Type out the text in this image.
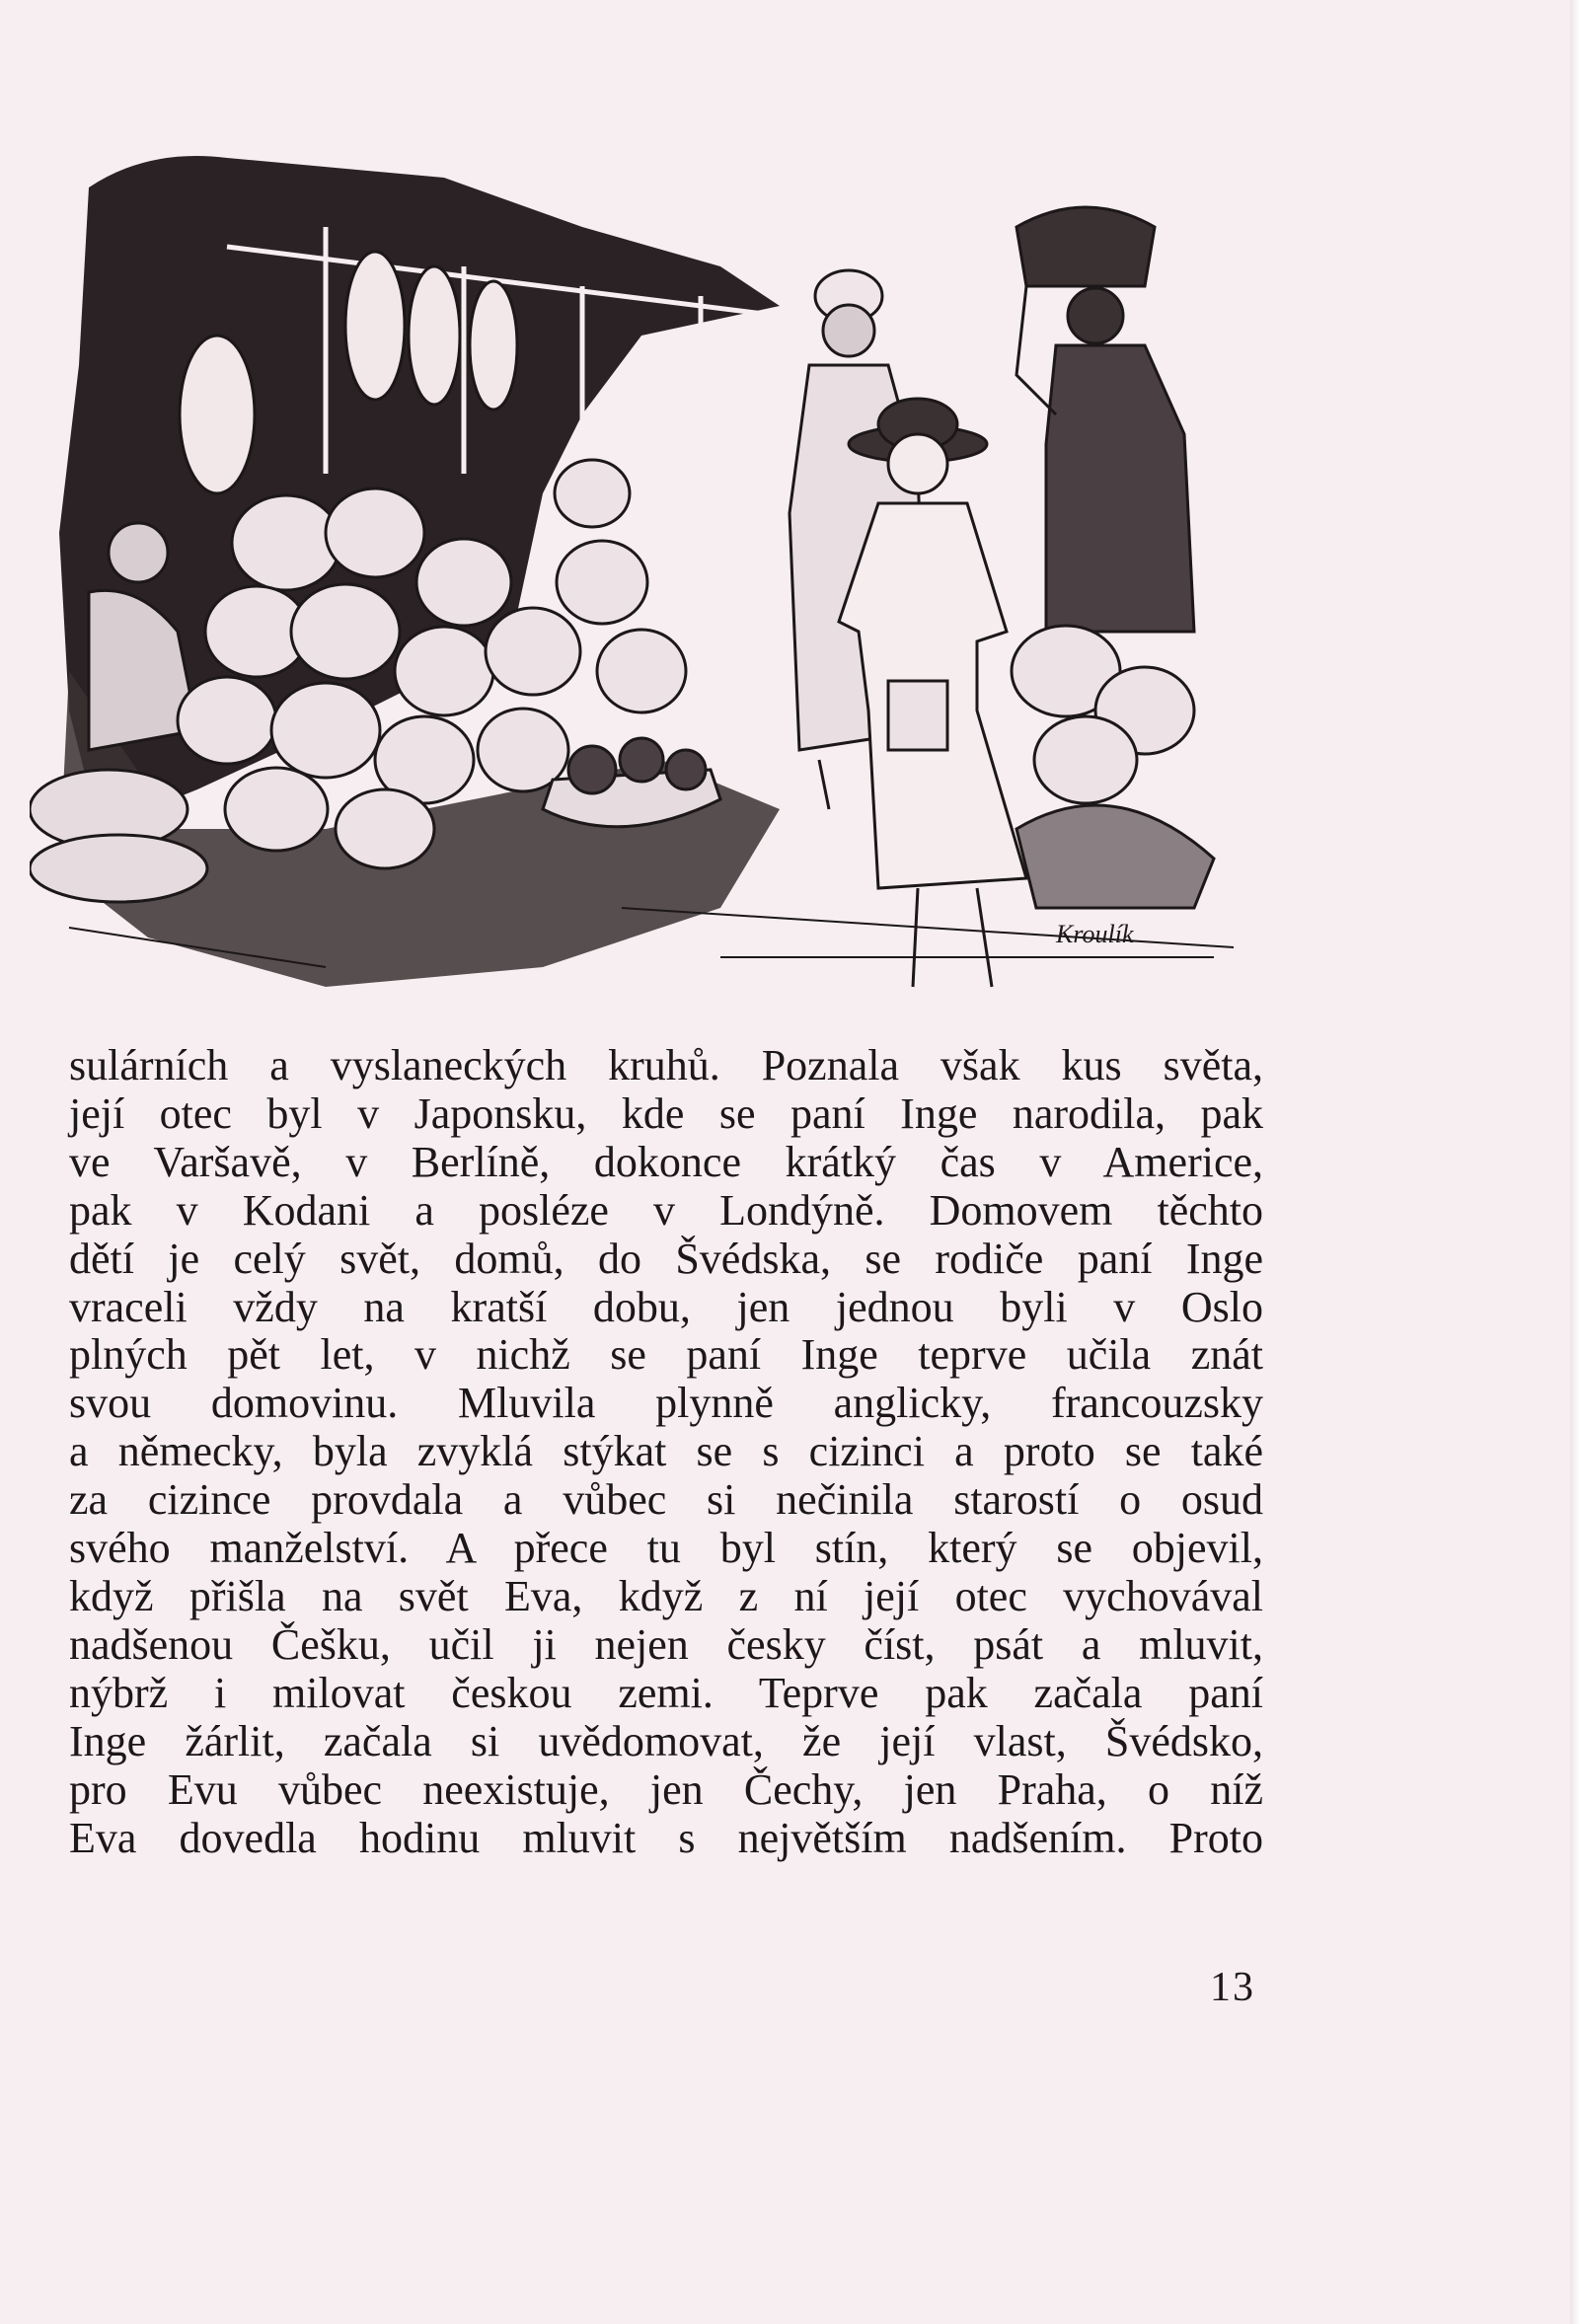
Kroulík
sulárních a vyslaneckých kruhů. Poznala však kus světa,
její otec byl v Japonsku, kde se paní Inge narodila, pak
ve Varšavě, v Berlíně, dokonce krátký čas v Americe,
pak v Kodani a posléze v Londýně. Domovem těchto
dětí je celý svět, domů, do Švédska, se rodiče paní Inge
vraceli vždy na kratší dobu, jen jednou byli v Oslo
plných pět let, v nichž se paní Inge teprve učila znát
svou domovinu. Mluvila plynně anglicky, francouzsky
a německy, byla zvyklá stýkat se s cizinci a proto se také
za cizince provdala a vůbec si nečinila starostí o osud
svého manželství. A přece tu byl stín, který se objevil,
když přišla na svět Eva, když z ní její otec vychovával
nadšenou Češku, učil ji nejen česky číst, psát a mluvit,
nýbrž i milovat českou zemi. Teprve pak začala paní
Inge žárlit, začala si uvědomovat, že její vlast, Švédsko,
pro Evu vůbec neexistuje, jen Čechy, jen Praha, o níž
Eva dovedla hodinu mluvit s největším nadšením. Proto
13
